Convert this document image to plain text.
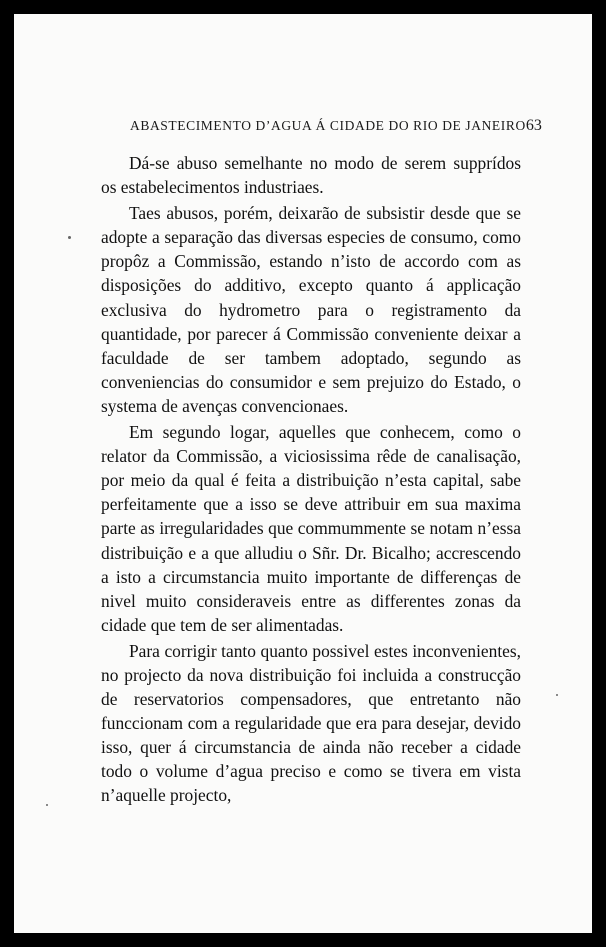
ABASTECIMENTO D’AGUA Á CIDADE DO RIO DE JANEIRO 63

Dá-se abuso semelhante no modo de serem supprídos os estabelecimentos industriaes.

Taes abusos, porém, deixarão de subsistir desde que se adopte a separação das diversas especies de consumo, como propôz a Commissão, estando n’isto de accordo com as disposições do additivo, excepto quanto á applicação exclusiva do hydrometro para o registramento da quantidade, por parecer á Commissão conveniente deixar a faculdade de ser tambem adoptado, segundo as conveniencias do consumidor e sem prejuizo do Estado, o systema de avenças convencionaes.

Em segundo logar, aquelles que conhecem, como o relator da Commissão, a viciosissima rêde de canalisação, por meio da qual é feita a distribuição n’esta capital, sabe perfeitamente que a isso se deve attribuir em sua maxima parte as irregularidades que commummente se notam n’essa distribuição e a que alludiu o Sñr. Dr. Bicalho; accrescendo a isto a circumstancia muito importante de differenças de nivel muito consideraveis entre as differentes zonas da cidade que tem de ser alimentadas.

Para corrigir tanto quanto possivel estes inconvenientes, no projecto da nova distribuição foi incluida a construcção de reservatorios compensadores, que entretanto não funccionam com a regularidade que era para desejar, devido isso, quer á circumstancia de ainda não receber a cidade todo o volume d’agua preciso e como se tivera em vista n’aquelle projecto,
